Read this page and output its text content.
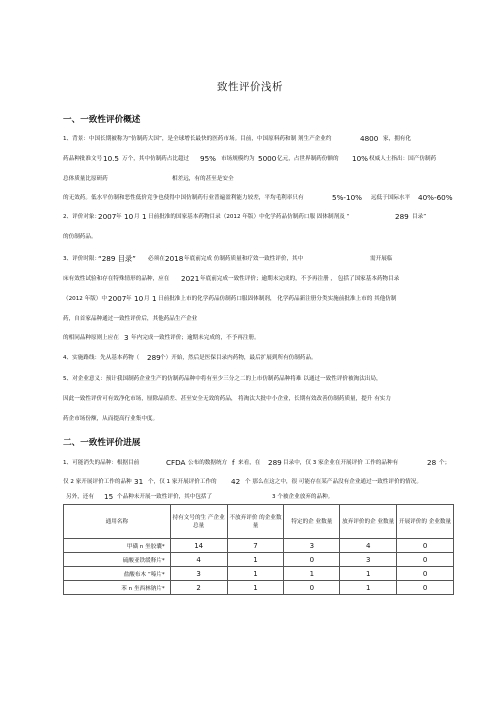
致性评价浅析
一、一致性评价概述
1、背景：中国长期被称为“仿制药大国”，是全球增长最快的医药市场。目前，中国原料药和制 剂生产企业约	4800 家，拥有化
药品种批准文号 10.5 万个，其中仿制药占比超过 95% 市场规模约为 5000 亿元，占世界制药份额的 10% 权威人士指出：国产仿制药
总体质量比原研药	相差远，有的甚至是安全
的无效药。低水平仿制和恶性低价竞争也使得中国仿制药行业普遍盈利能力较差，平均毛利率只有	5%-10% 远低于国际水平 40%-60%
2、评价对象：
2007 年 10 月 1 日前批准的国家基本药物目录（2012 年版）中化学药品仿制药口服 固体制剂及 “	289 目录”
的仿制药品。
3、评价时限：
“289 目录” 必须在 2018 年底前完成 仿制药质量和疗效一致性评价，其中	需开展临
床有效性试验和存在特殊情形的品种，应在 2021 年底前完成一致性评价；逾期未完成的，不予再注册 ， 包括了国家基本药物目录
（2012 年版）中 2007 年 10 月 1 日前批准上市的化学药品仿制药口服固体制剂， 化学药品新注册分类实施前批准上市的 其他仿制
药，自首家品种通过一致性评价后，其他药品生产企业
的相同品种原则上应在 3 年内完成一致性评价；逾期未完成的，不予再注册。
4、实施路线：先从基本药物（ 289 个）开始，然后是医保目录内药物，最后扩展到所有仿制药品。
5、对企业意义：预计我国制药企业生产的仿制药品种中将有至少三分之二的上市仿制药品种将难 以通过一致性评价被淘汰出局，
因此一致性评价可有效净化市场，厘除品质差、甚至安全无效的药品， 将淘汰大批中小企业，长期有效改善仿制药质量，提升 有实力
药企市场份额，从而提高行业集中度。
二、一致性评价进展
1、可能消失的品种：根据目前	CFDA 公布的数据统方 f 来看，在 289 目录中，仅 3 家企业在开展评价 工作的品种有	28 个；
仅 2 家开展评价工作的品种 31 个，仅 1 家开展评价工作的 42 个 那么在这之中，很 可能存在某产品没有企业通过一致性评价的情况。
另外，还有 15 个品种未开展一致性评价，其中包括了	3 个被企业放弃的品种。
通用名称	持有文号的生 产企业总量	不放弃评价 的企业数量	特定的企 业数量	放弃评价的企 业数量	开展评价的 企业数量
甲磺 n 坐胶囊*	14	7	3	4	0
硫酸亚铁缓释片*	4	1	0	3	0
盐酸布木 ”嗪片*	3	1	1	1	0
苯 n 坐西林钠片*	2	1	0	1	0
